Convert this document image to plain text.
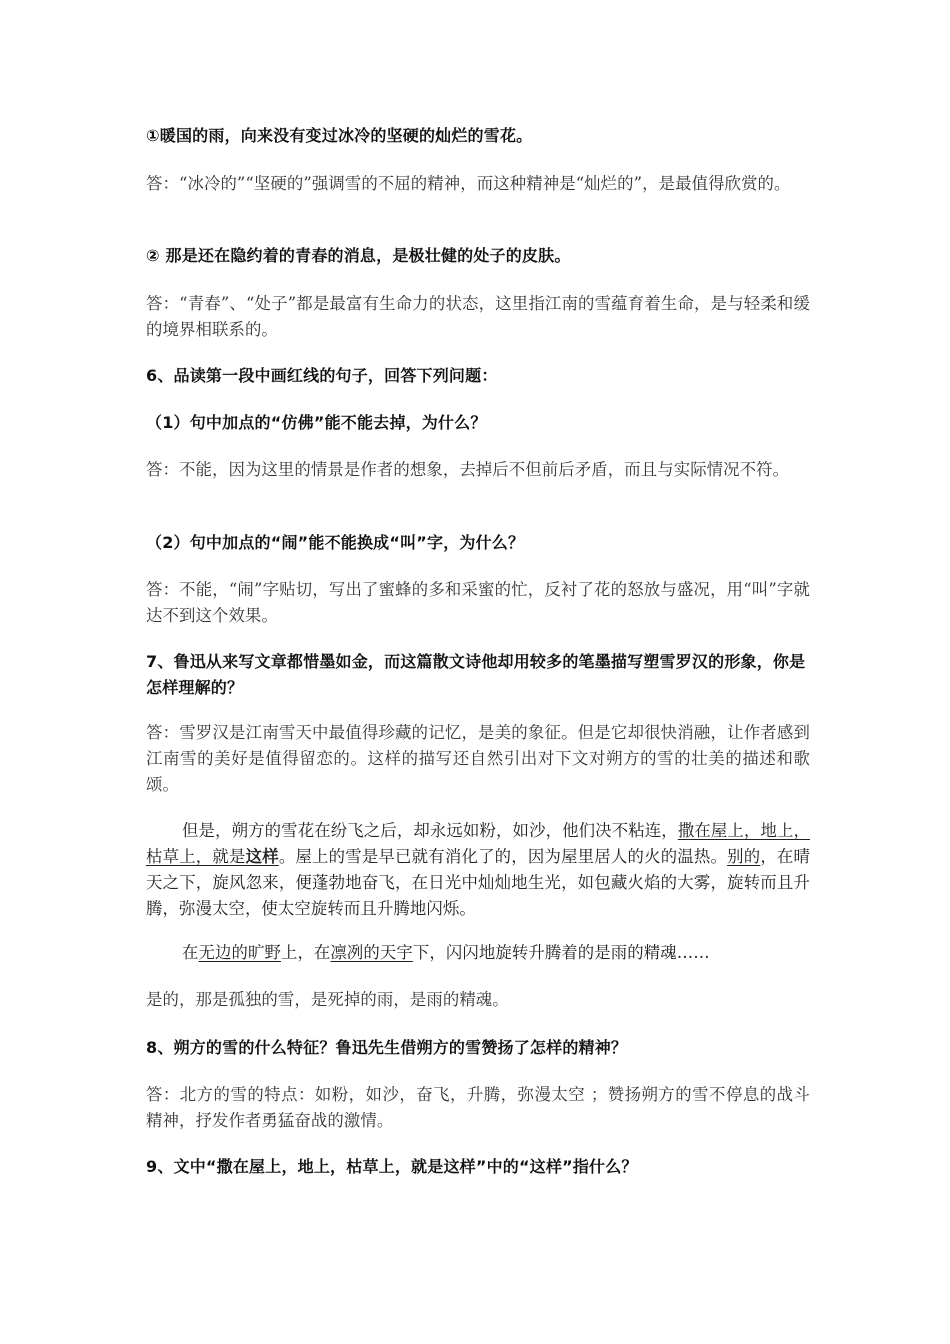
①暖国的雨，向来没有变过冰冷的坚硬的灿烂的雪花。

答：“冰冷的”“坚硬的”强调雪的不屈的精神，而这种精神是“灿烂的”，是最值得欣赏的。

② 那是还在隐约着的青春的消息，是极壮健的处子的皮肤。

答：“青春”、“处子”都是最富有生命力的状态，这里指江南的雪蕴育着生命，是与轻柔和缓的境界相联系的。

6、品读第一段中画红线的句子，回答下列问题：

（1）句中加点的“仿佛”能不能去掉，为什么？

答：不能，因为这里的情景是作者的想象，去掉后不但前后矛盾，而且与实际情况不符。

（2）句中加点的“闹”能不能换成“叫”字，为什么？

答：不能，“闹”字贴切，写出了蜜蜂的多和采蜜的忙，反衬了花的怒放与盛况，用“叫”字就达不到这个效果。

7、鲁迅从来写文章都惜墨如金，而这篇散文诗他却用较多的笔墨描写塑雪罗汉的形象，你是怎样理解的？

答：雪罗汉是江南雪天中最值得珍藏的记忆，是美的象征。但是它却很快消融，让作者感到江南雪的美好是值得留恋的。这样的描写还自然引出对下文对朔方的雪的壮美的描述和歌颂。

但是，朔方的雪花在纷飞之后，却永远如粉，如沙，他们决不粘连，撒在屋上，地上，枯草上，就是这样。屋上的雪是早已就有消化了的，因为屋里居人的火的温热。别的，在晴天之下，旋风忽来，便蓬勃地奋飞，在日光中灿灿地生光，如包藏火焰的大雾，旋转而且升腾，弥漫太空，使太空旋转而且升腾地闪烁。

在无边的旷野上，在凛冽的天宇下，闪闪地旋转升腾着的是雨的精魂……

是的，那是孤独的雪，是死掉的雨，是雨的精魂。

8、朔方的雪的什么特征？鲁迅先生借朔方的雪赞扬了怎样的精神？

答：北方的雪的特点：如粉，如沙，奋飞，升腾，弥漫太空 ；赞扬朔方的雪不停息的战斗精神，抒发作者勇猛奋战的激情。

9、文中“撒在屋上，地上，枯草上，就是这样”中的“这样”指什么？
